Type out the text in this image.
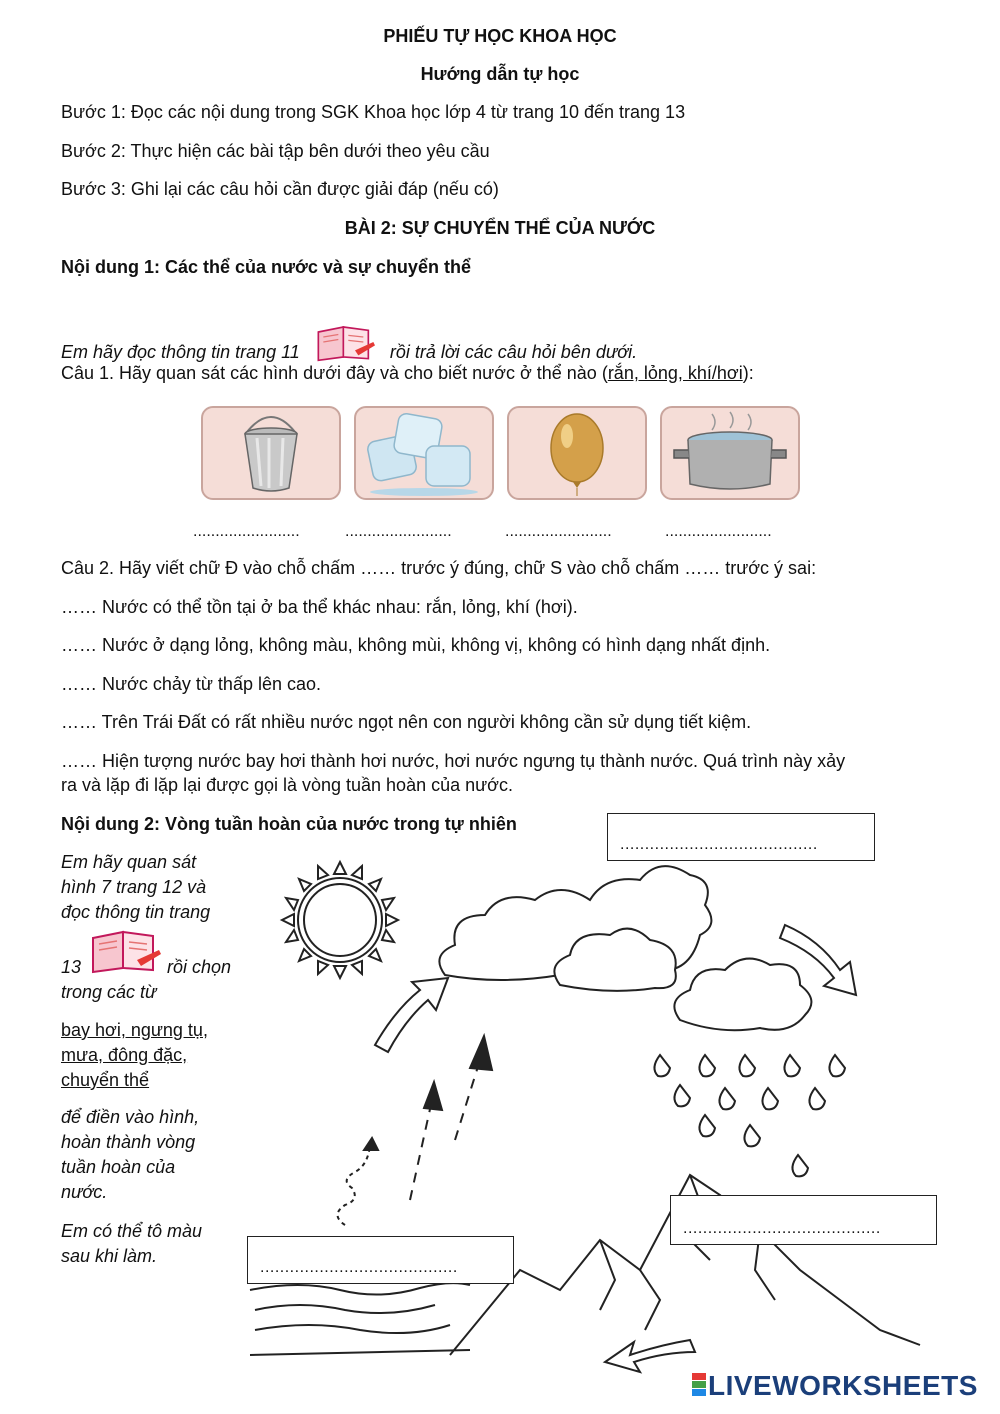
PHIẾU TỰ HỌC KHOA HỌC
Hướng dẫn tự học
Bước 1: Đọc các nội dung trong SGK Khoa học lớp 4 từ trang 10 đến trang 13
Bước 2: Thực hiện các bài tập bên dưới theo yêu cầu
Bước 3: Ghi lại các câu hỏi cần được giải đáp (nếu có)
BÀI 2: SỰ CHUYỂN THỂ CỦA NƯỚC
Nội dung 1: Các thể của nước và sự chuyển thể
Em hãy đọc thông tin trang 11	rồi trả lời các câu hỏi bên dưới.
Câu 1. Hãy quan sát các hình dưới đây và cho biết nước ở thể nào (rắn, lỏng, khí/hơi):
........................	........................	........................	........................
Câu 2. Hãy viết chữ Đ vào chỗ chấm …… trước ý đúng, chữ S vào chỗ chấm …… trước ý sai:
…… Nước có thể tồn tại ở ba thể khác nhau: rắn, lỏng, khí (hơi).
…… Nước ở dạng lỏng, không màu, không mùi, không vị, không có hình dạng nhất định.
…… Nước chảy từ thấp lên cao.
…… Trên Trái Đất có rất nhiều nước ngọt nên con người không cần sử dụng tiết kiệm.
…… Hiện tượng nước bay hơi thành hơi nước, hơi nước ngưng tụ thành nước. Quá trình này xảy
ra và lặp đi lặp lại được gọi là vòng tuần hoàn của nước.
Nội dung 2: Vòng tuần hoàn của nước trong tự nhiên
Em hãy quan sát
hình 7 trang 12 và
đọc thông tin trang
13	rồi chọn
trong các từ
bay hơi, ngưng tụ,
mưa, đông đặc,
chuyển thể
để điền vào hình,
hoàn thành vòng
tuần hoàn của
nước.
Em có thể tô màu
sau khi làm.
........................................
........................................
........................................
LIVEWORKSHEETS
